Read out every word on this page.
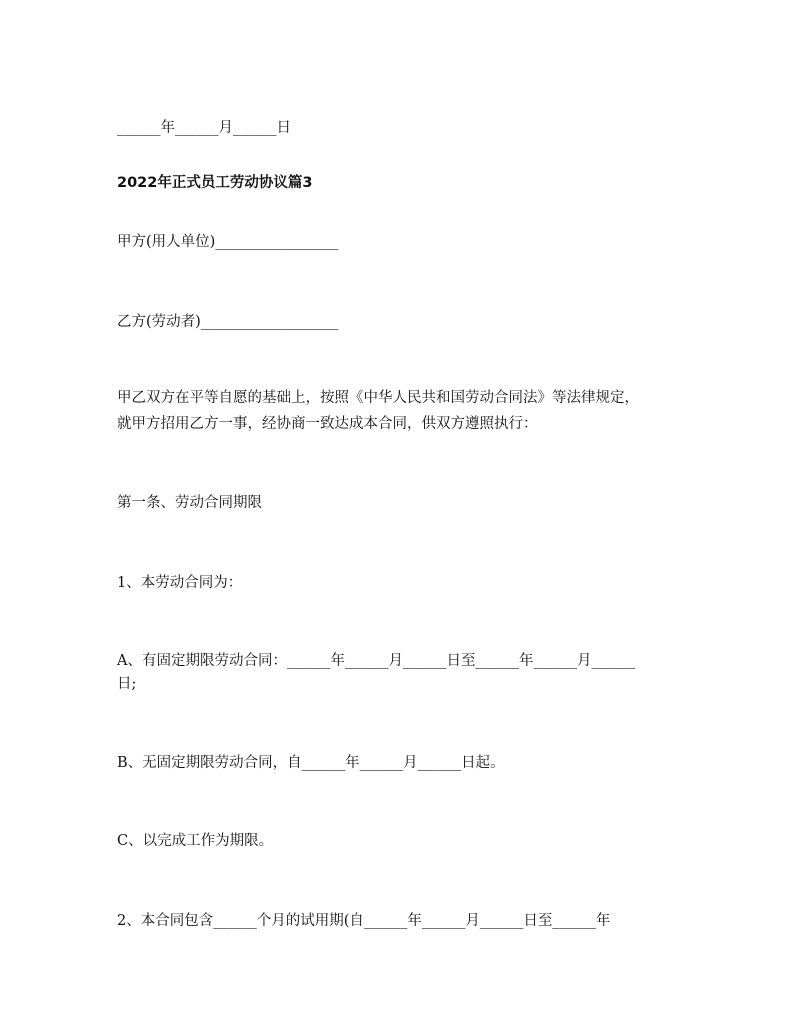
______年______月______日

2022年正式员工劳动协议篇3

甲方(用人单位)_________________

乙方(劳动者)___________________

甲乙双方在平等自愿的基础上，按照《中华人民共和国劳动合同法》等法律规定，

就甲方招用乙方一事，经协商一致达成本合同，供双方遵照执行：

第一条、劳动合同期限

1、本劳动合同为：

A、有固定期限劳动合同：______年______月______日至______年______月______

日;

B、无固定期限劳动合同，自______年______月______日起。

C、以完成工作为期限。

2、本合同包含______个月的试用期(自______年______月______日至______年
